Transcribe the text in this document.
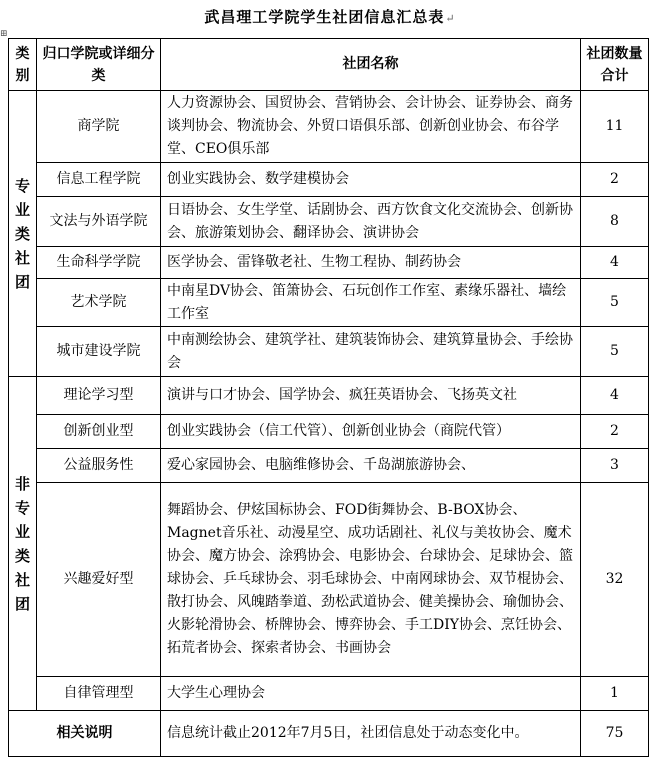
武昌理工学院学生社团信息汇总表↵
⊞
类别	归口学院或详细分类	社团名称	社团数量合计

专业类社团	商学院	人力资源协会、国贸协会、营销协会、会计协会、证券协会、商务谈判协会、物流协会、外贸口语俱乐部、创新创业协会、布谷学堂、CEO俱乐部	11
	信息工程学院	创业实践协会、数学建模协会	2
	文法与外语学院	日语协会、女生学堂、话剧协会、西方饮食文化交流协会、创新协会、旅游策划协会、翻译协会、演讲协会	8
	生命科学学院	医学协会、雷锋敬老社、生物工程协、制药协会	4
	艺术学院	中南星DV协会、笛箫协会、石玩创作工作室、素缘乐器社、墙绘工作室	5
	城市建设学院	中南测绘协会、建筑学社、建筑装饰协会、建筑算量协会、手绘协会	5

非专业类社团	理论学习型	演讲与口才协会、国学协会、疯狂英语协会、飞扬英文社	4
	创新创业型	创业实践协会（信工代管）、创新创业协会（商院代管）	2
	公益服务性	爱心家园协会、电脑维修协会、千岛湖旅游协会、	3
	兴趣爱好型	舞蹈协会、伊炫国标协会、FOD街舞协会、B-BOX协会、Magnet音乐社、动漫星空、成功话剧社、礼仪与美妆协会、魔术协会、魔方协会、涂鸦协会、电影协会、台球协会、足球协会、篮球协会、乒乓球协会、羽毛球协会、中南网球协会、双节棍协会、散打协会、风魄踏拳道、劲松武道协会、健美操协会、瑜伽协会、火影轮滑协会、桥牌协会、博弈协会、手工DIY协会、烹饪协会、拓荒者协会、探索者协会、书画协会	32
	自律管理型	大学生心理协会	1
相关说明		信息统计截止2012年7月5日，社团信息处于动态变化中。	75
